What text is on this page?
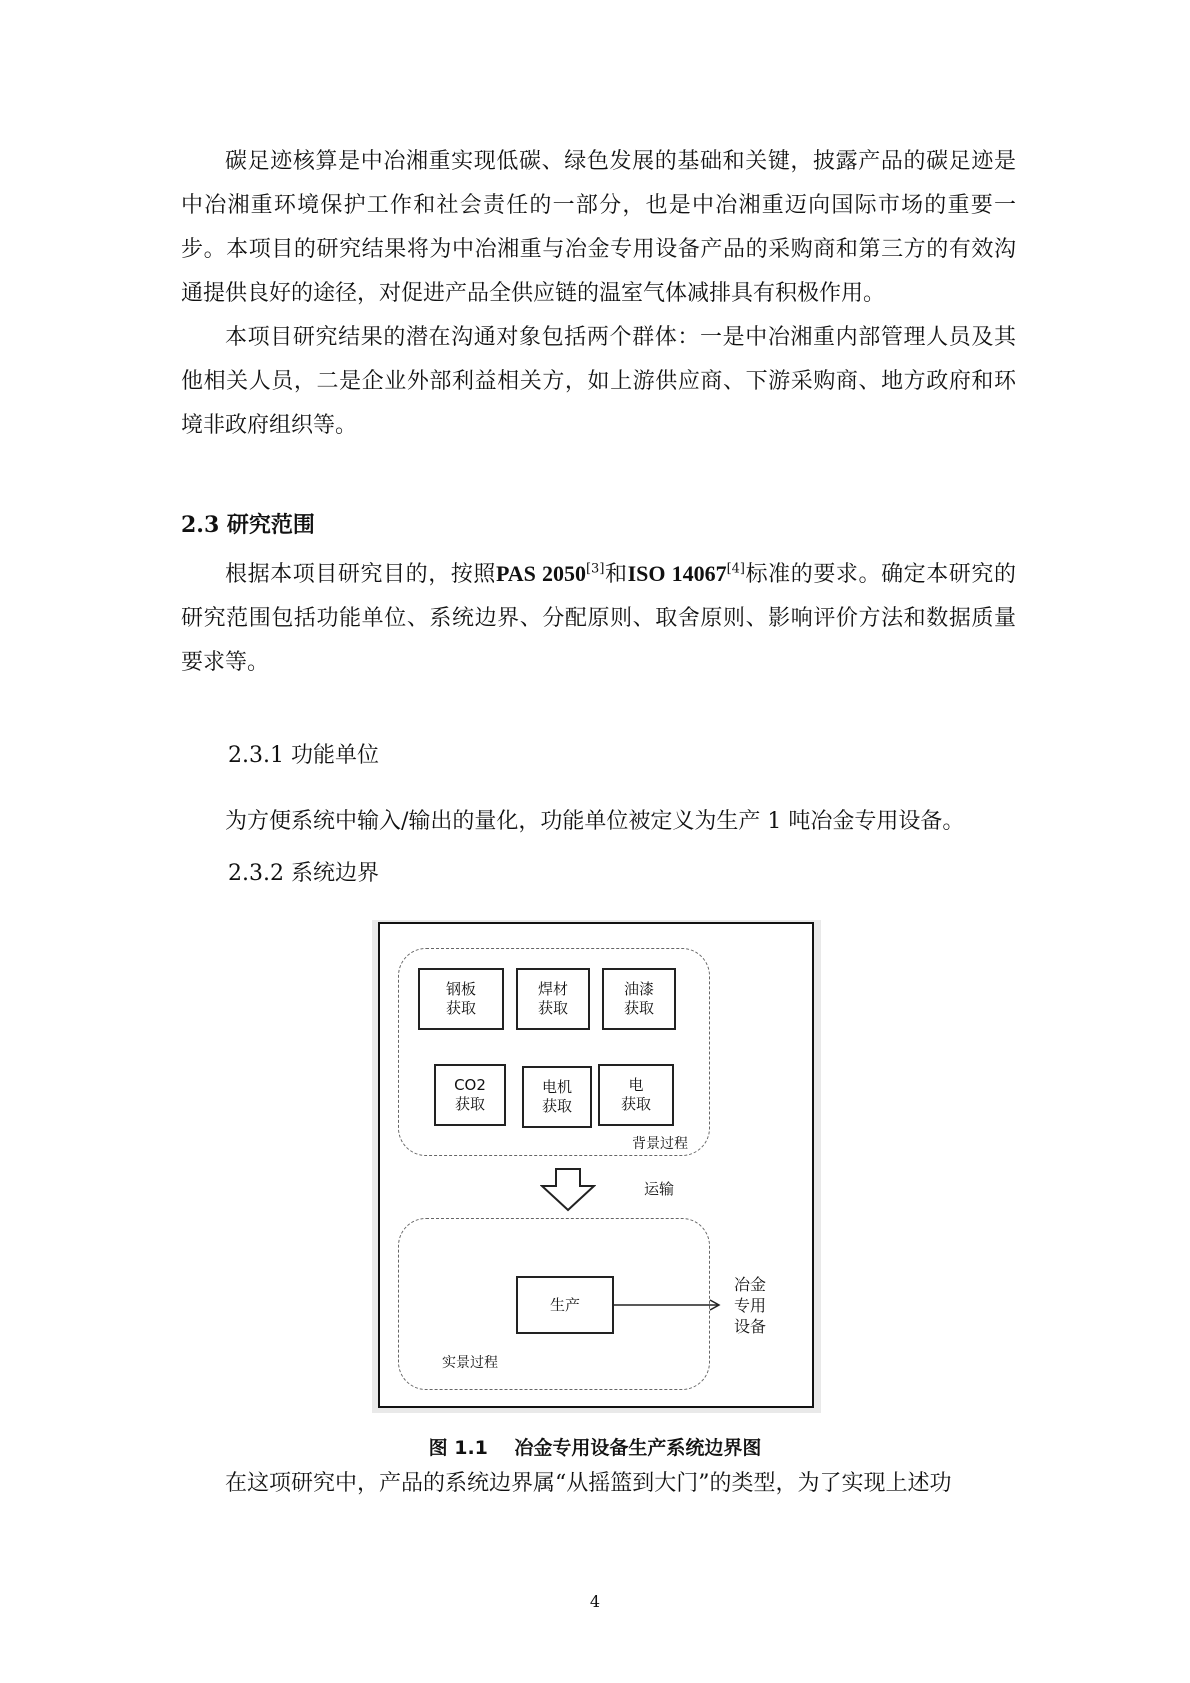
碳足迹核算是中冶湘重实现低碳、绿色发展的基础和关键，披露产品的碳足迹是中冶湘重环境保护工作和社会责任的一部分，也是中冶湘重迈向国际市场的重要一步。本项目的研究结果将为中冶湘重与冶金专用设备产品的采购商和第三方的有效沟通提供良好的途径，对促进产品全供应链的温室气体减排具有积极作用。

本项目研究结果的潜在沟通对象包括两个群体：一是中冶湘重内部管理人员及其他相关人员，二是企业外部利益相关方，如上游供应商、下游采购商、地方政府和环境非政府组织等。

2.3 研究范围

根据本项目研究目的，按照PAS 2050[3]和ISO 14067[4]标准的要求。确定本研究的研究范围包括功能单位、系统边界、分配原则、取舍原则、影响评价方法和数据质量要求等。

2.3.1 功能单位

为方便系统中输入/输出的量化，功能单位被定义为生产 1 吨冶金专用设备。

2.3.2 系统边界
钢板
获取
焊材
获取
油漆
获取
CO2
获取
电机
获取
电
获取
背景过程
运输
生产
冶金
专用
设备
实景过程
图 1.1    冶金专用设备生产系统边界图

在这项研究中，产品的系统边界属“从摇篮到大门”的类型，为了实现上述功

4
